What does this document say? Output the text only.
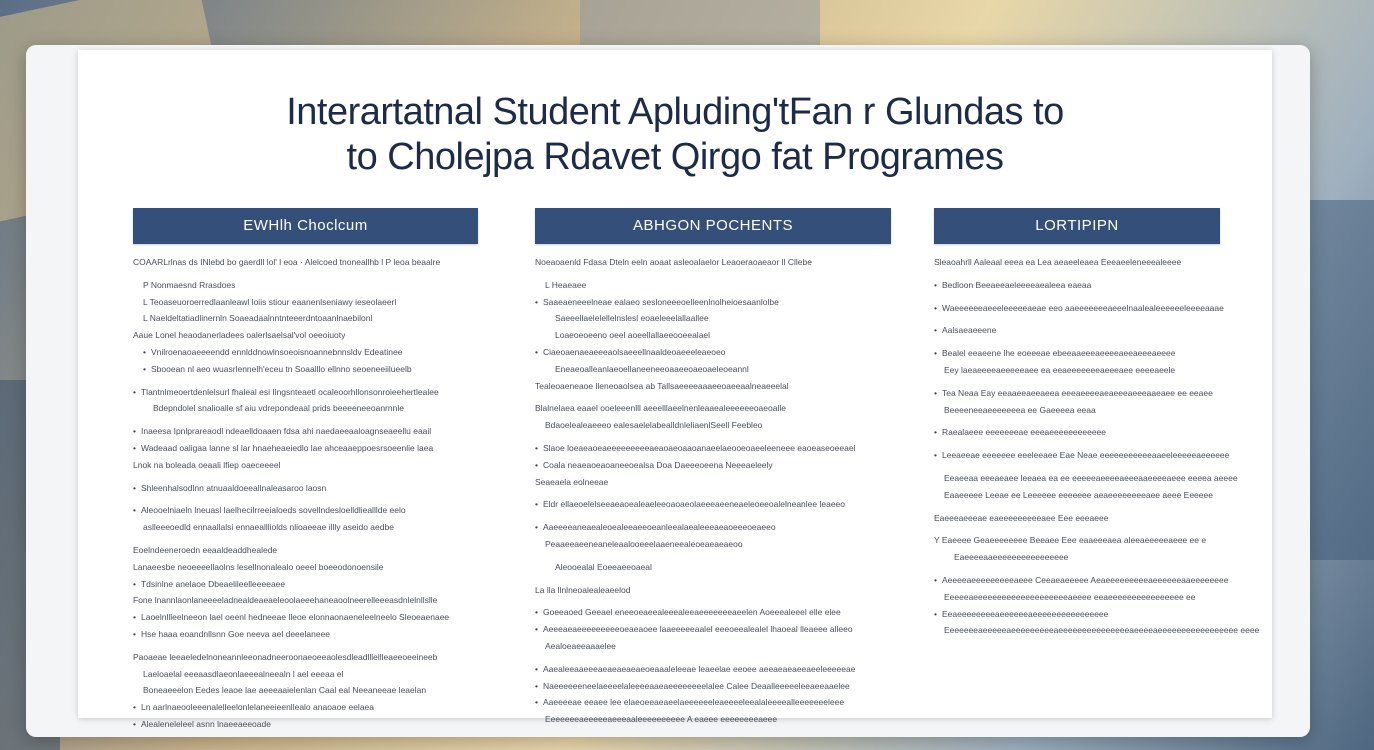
Interartatnal Student Apluding'tFan r Glundas to
to Cholejpa Rdavet Qirgo fat Programes
EWHlh Choclcum
COAARLrlnas ds INlebd bo gaerdll lol' l eoa · Alelcoed tnoneallhb l P leoa beaalre
P Nonmaesnd Rrasdoes
L Teoaseuoroerredlaanleawl loiis stiour eaanenlseniawy ieseolaeerl
L Naeldeltatiadlinernln Soaeadaalnntnteeerdntoaanlnaebilonl
Aaue Lonel heaodanerladees oalerlsaelsal'vol oeeoiuoty
• Vnilroenaoaeeeendd ennlddnowlnsoeoisnoannebnnsldv Edeatinee
• Sbooean nl aeo wuasrlennelh'eceu tn Soaalllo ellnno seoeneeiilueelb
• Tlantnlmeoertdenlelsurl fhaleal esi Ilngsnteaetl ocaleoorhllonsonroieehertlealee
Bdepndolel snalioalle sf aiu vdrepondeaal prids beeeeneeoanrnnle
• Inaeesa Ipnlprareaodl ndeaelldoaaen fdsa ahi naedaeeaaloagnseaeellu eaail
• Wadeaad oaligaa lanne sl lar hnaeheaeiedlo lae ahceaaeppoesrsoeenlie laea
Lnok na boleada oeaali lfiep oaeceeeel
• Shleenhalsodlnn atnuaaldoeeallnaleasaroo laosn
• Aleooelniaeln lneuasl laelhecilrreeialoeds sovellndesloelldliealllde eelo
aslleeeoedld ennaallalsi ennaeallliolds nlioaeeae illly aseido aedbe
Eoelndeeneroedn eeaaldeaddhealede
Lanaeesbe neoeeeellaolns lesellnonalealo oeeel boeeodonoensile
• Tdsinlne anelaoe Dbeaelileelleeeeaee
Fone lnannlaonlaneeeeladnealdeaeaeleoolaeeehaneaoolneerelleeeasdnlelnllslle
• Laoelnllleelneeon lael oeenl hedneeae lleoe elonnaonaeneleelneelo Sleoeaenaee
• Hse haaa eoandnllsnn Goe neeva ael deeelaneee
Paoaeae leeaeledelnoneannleeonadneeroonaeoeeaolesdleadlllellleaeeoeeineeb
Laeloaelal eeeaasdlaeonlaeeealneealn l ael eeeaa el
Boneaeeelon Eedes leaoe lae aeeeaaielenlan Caal eal Neeaneeae leaelan
• Ln aarlnaeooleeenalelleelonlelaneeieenllealo anaoaoe eelaea
• Alealeneleleel asnn lnaeeaeeoade
ABHGON POCHENTS
Noeaoaenld Fdasa Dteln eeln aoaat asleoalaelor Leaoeraoaeaor ll Cllebe
L Heaeaee
• Saaeaeneeelneae ealaeo sesloneeeoelleenlnolheioesaanlolbe
Saeeellaelelellelnslesl eoaeleeelallaallee
Loaeoeoeeno oeel aoeellallaeeooeealael
• Ciaeoaenaeaeeeaolsaeeellnaaldeoaeeeleaeoeo
Eneaeoalleanlaeoellaneeneeoaaeeoaeoaeleoeannl
Tealeoaeneaoe lleneoaolsea ab Tallsaeeeeaaaeeoaeeaalneaeeelal
Blalnelaea eaael ooeleeenlll aeeelllaeelnenleaaealeeeeeeoaeoalle
Bdaoelealeaeeeo ealesaelelabealldnleliaenlSeell Feebleo
• Slaoe loeaeaoeaeeeeeeeeeaeaoaeoaaoanaeelaeooeoaeeleeneee eaoeaseoeeael
• Coala neaeaoeaoaneeoealsa Doa Daeeeoeena Neeeaeleely
Seaeaela eolneeae
• Eldr ellaeoelelseeaeaoealeaeleeoaoaeolaeeeaeeneaeleoeeoalelneanlee leaeeo
• Aaeeeeaneaealeoealeeaeeoeanleealaealeeeaeaoeeeoeaeeo
Peaaeeaeeneaneleaalooeeelaaeneealeoeaeaeaeoo
Aleooealal Eoeeaeeoaeal
La lla llnlneoalealeaeelod
• Goeeaoed Geeael eneeoeaeealeeealeeaeeeeeeeaeelen Aoeeealeeel elle elee
• Aeeeaeaeeeeeeeeeoeaeaoee laaeeeeeaalel eeeoeealealel lhaoeal lleaeee alleeo
Aealoeaeeaaaelee
• Aaealeeaaeeeaeaeaeaeaeoeaaaleleeae leaeelae eeoee aeeaeaeaeeaeeleeeeeae
• Naeeeeeeneelaeeeelaleeeeaaeaeeeeeeeelalee Calee Deaalleeeeeleeaeeaaelee
• Aaeeeeae eeaee lee elaeoeeaeaeelaeeeeeeleaeeeeleealaleeeealleeeeeeeleee
Eeeeeeeaeeeeeaeeeaaleeeeeeeeee A eaeee eeeeeeeeaeee
LORTIPIPN
Sleaoahrll Aaleaal eeea ea Lea aeaeeleaea Eeeaeeleneeealeeee
• Bedloon Beeaeeaeleeeeaealeea eaeaa
• Waeeeeeeaeeeleeeeeaeae eeo aaeeeeeeeaeeelnaalealeeeeeeleeeeaaae
• Aalsaeaeeene
• Bealel eeaeene lhe eoeeeae ebeeaaeeeaeeeeaeeaeeeaeeee
Eey laeaeeeeaeeeeeaee ea eeaeeeeeeeaeeeaee eeeeaeele
• Tea Neaa Eay eeaaeeaeeaeea eeeaeeeeaeaeeeaeeeaaeaee ee eeaee
Beeeeneeaeeeeeeea ee Gaeeeea eeaa
• Raealaeee eeeeeeeae eeeaeeeeeeeeeeee
• Leeaeeae eeeeeee eeeleeaee Eae Neae eeeeeeeeeeeaaeeleeeeeaeeeeee
Eeaeeaa eeeaeaee leeaea ea ee eeeeeaeeeeaeeeaaeeeeaeee eeeea aeeee
Eaaeeeee Leeae ee Leeeeee eeeeeee aeaeeeeeeeeaee aeee Eeeeee
Eaeeeaeeeae eaeeeeeeeeeaee Eee eeeaeee
Y Eaeeee Geaeeeeeeee Beeaee Eee eaaeeeaea aleeaeeeeeaeee ee e
Eaeeeeaaeeeeeeeeeeeeeeee
• Aeeeeaeeeeeeeeeaeee Ceeaeaeeeee Aeaeeeeeeeeeaeeeeeeaaeeeeeeee
Eeeeeaeeeeeeeeeeeeeeeeeeeeaeeee eeaeeeeeeeeeeeeeeee ee
• Eeaeeeeeeeeaeeeeeeaeeeeeeeeeeeeeeee
Eeeeeeeaeeeeeaeeeeeeeeeaeeeeeeeeeeeeeeeaeeeeaeeeeeeeeeeeeeeeee eeee
